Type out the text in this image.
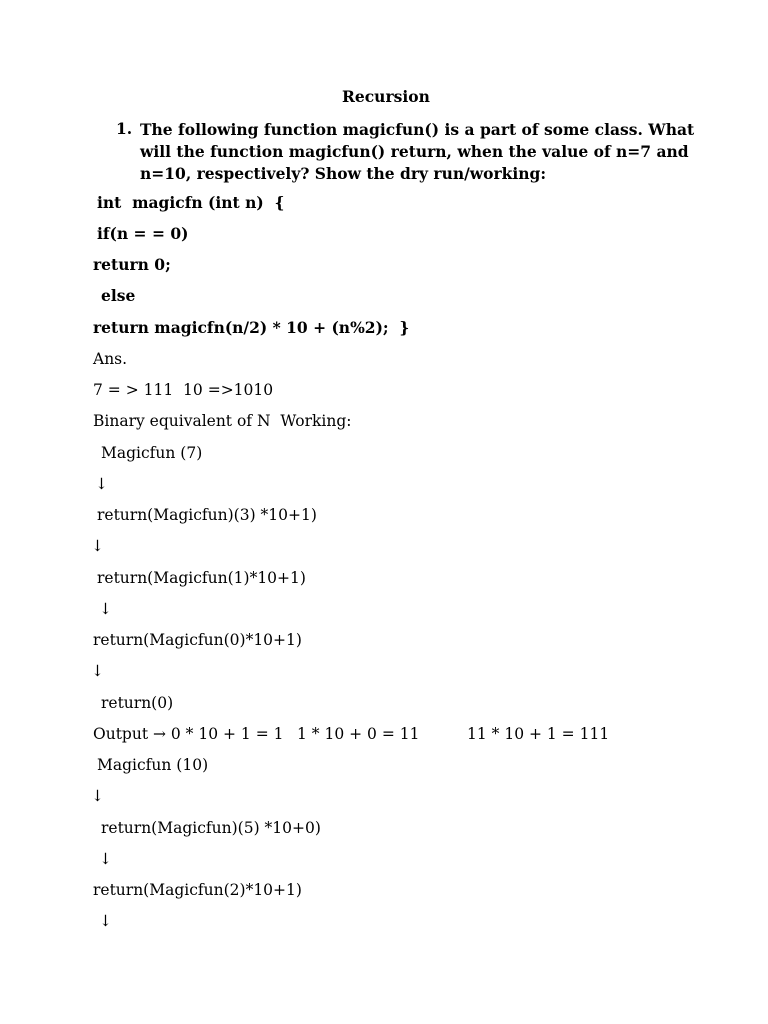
Recursion
1. The following function magicfun() is a part of some class. What
will the function magicfun() return, when the value of n=7 and
n=10, respectively? Show the dry run/working:
int  magicfn (int n)  {
if(n = = 0)
return 0;
else
return magicfn(n/2) * 10 + (n%2);  }
Ans.
7 = > 111  10 =>1010
Binary equivalent of N  Working:
Magicfun (7)
↓
return(Magicfun)(3) *10+1)
↓
return(Magicfun(1)*10+1)
↓
return(Magicfun(0)*10+1)
↓
return(0)
Output → 0 * 10 + 1 = 1 1 * 10 + 0 = 11	11 * 10 + 1 = 111
Magicfun (10)
↓
return(Magicfun)(5) *10+0)
↓
return(Magicfun(2)*10+1)
↓
